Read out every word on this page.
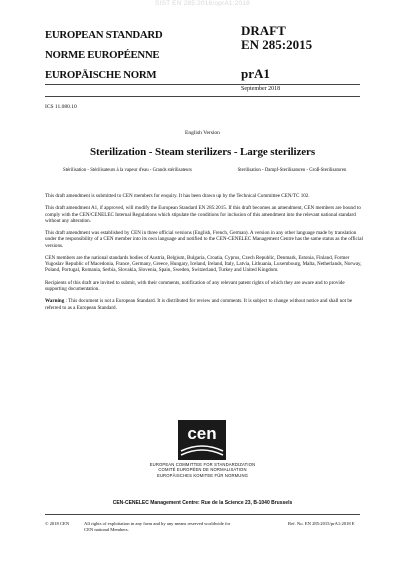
SIST EN 285:2016/oprA1:2018
EUROPEAN STANDARD
NORME EUROPÉENNE
EUROPÄISCHE NORM
DRAFT
EN 285:2015
prA1
September 2018
ICS 11.080.10
English Version
Sterilization - Steam sterilizers - Large sterilizers
Stérilisation - Stérilisateurs à la vapeur d'eau - Grands stérilisateurs	Sterilisation - Dampf-Sterilisatoren - Groß-Sterilisatoren

This draft amendment is submitted to CEN members for enquiry. It has been drawn up by the Technical Committee CEN/TC 102.

This draft amendment A1, if approved, will modify the European Standard EN 285:2015. If this draft becomes an amendment, CEN members are bound to comply with the CEN/CENELEC Internal Regulations which stipulate the conditions for inclusion of this amendment into the relevant national standard without any alteration.

This draft amendment was established by CEN in three official versions (English, French, German). A version in any other language made by translation under the responsibility of a CEN member into its own language and notified to the CEN-CENELEC Management Centre has the same status as the official versions.

CEN members are the national standards bodies of Austria, Belgium, Bulgaria, Croatia, Cyprus, Czech Republic, Denmark, Estonia, Finland, Former Yugoslav Republic of Macedonia, France, Germany, Greece, Hungary, Iceland, Ireland, Italy, Latvia, Lithuania, Luxembourg, Malta, Netherlands, Norway, Poland, Portugal, Romania, Serbia, Slovakia, Slovenia, Spain, Sweden, Switzerland, Turkey and United Kingdom.

Recipients of this draft are invited to submit, with their comments, notification of any relevant patent rights of which they are aware and to provide supporting documentation.

Warning : This document is not a European Standard. It is distributed for review and comments. It is subject to change without notice and shall not be referred to as a European Standard.

cen
EUROPEAN COMMITTEE FOR STANDARDIZATION
COMITÉ EUROPÉEN DE NORMALISATION
EUROPÄISCHES KOMITEE FÜR NORMUNG
CEN-CENELEC Management Centre: Rue de la Science 23, B-1040 Brussels
© 2018 CEN	All rights of exploitation in any form and by any means reserved worldwide for CEN national Members.
Ref. No. EN 285:2015/prA1:2018 E
